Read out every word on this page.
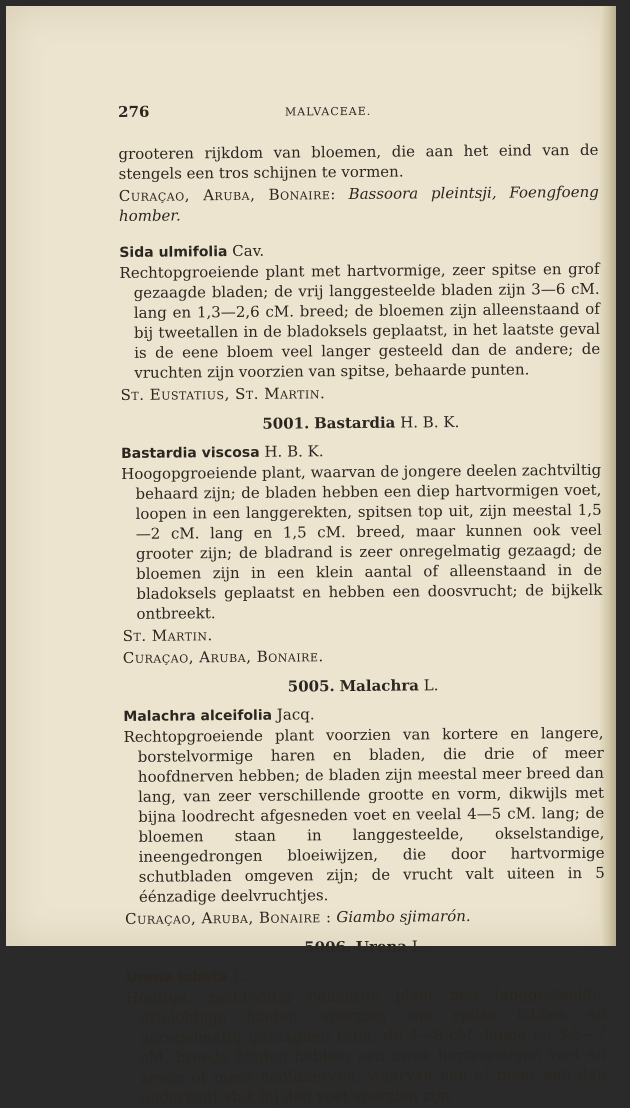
276	MALVACEAE.

grooteren rijkdom van bloemen, die aan het eind van de stengels een tros schijnen te vormen.

Curaçao, Aruba, Bonaire: Bassoora pleintsji, Foengfoeng homber.

Sida ulmifolia Cav.

Rechtopgroeiende plant met hartvormige, zeer spitse en grof gezaagde bladen; de vrij langgesteelde bladen zijn 3—6 cM. lang en 1,3—2,6 cM. breed; de bloemen zijn alleenstaand of bij tweetallen in de bladoksels geplaatst, in het laatste geval is de eene bloem veel langer gesteeld dan de andere; de vruchten zijn voorzien van spitse, behaarde punten.

St. Eustatius, St. Martin.

5001. Bastardia H. B. K.

Bastardia viscosa H. B. K.

Hoogopgroeiende plant, waarvan de jongere deelen zachtviltig behaard zijn; de bladen hebben een diep hartvormigen voet, loopen in een langgerekten, spitsen top uit, zijn meestal 1,5—2 cM. lang en 1,5 cM. breed, maar kunnen ook veel grooter zijn; de bladrand is zeer onregelmatig gezaagd; de bloemen zijn in een klein aantal of alleenstaand in de bladoksels geplaatst en hebben een doosvrucht; de bijkelk ontbreekt.

St. Martin.

Curaçao, Aruba, Bonaire.

5005. Malachra L.

Malachra alceifolia Jacq.

Rechtopgroeiende plant voorzien van kortere en langere, borstelvormige haren en bladen, die drie of meer hoofdnerven hebben; de bladen zijn meestal meer breed dan lang, van zeer verschillende grootte en vorm, dikwijls met bijna loodrecht afgesneden voet en veelal 4—5 cM. lang; de bloemen staan in langgesteelde, okselstandige, ineengedrongen bloeiwijzen, die door hartvormige schutbladen omgeven zijn; de vrucht valt uiteen in 5 éénzadige deelvruchtjes.

Curaçao, Aruba, Bonaire : Giambo sjimarón.

5006. Urena L.

Urena lobata L.

Houtige, zacht-viltig behaarde plant met langgesteelde, drielobbige bladen, voorzien van spitse lobben en onregelmatig gezaagden rand; de 4—8 cM. lange en 3,5—7 cM. breede bladen hebben een zwak hartvormigen voet en zeven of meer hoofdnerven, waarvan een of meer aan den onderkant vlak bij den voet voorzien zijn
